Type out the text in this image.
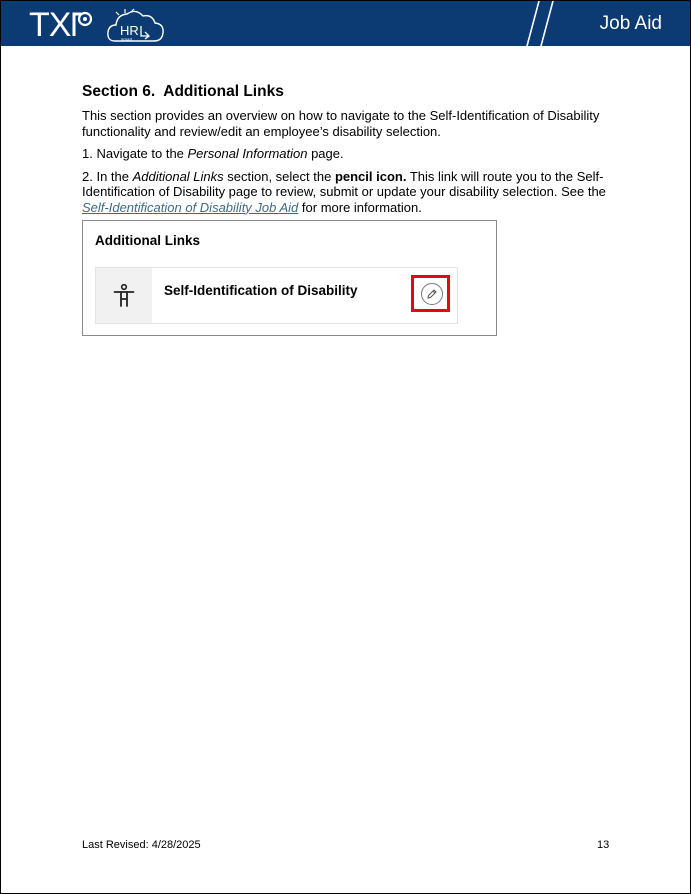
TX	HR
smart
Job Aid

Section 6. Additional Links

This section provides an overview on how to navigate to the Self-Identification of Disability functionality and review/edit an employee’s disability selection.

1. Navigate to the Personal Information page.

2. In the Additional Links section, select the pencil icon. This link will route you to the Self-Identification of Disability page to review, submit or update your disability selection. See the Self-Identification of Disability Job Aid for more information.

Additional Links
Self-Identification of Disability
Last Revised: 4/28/2025	13
